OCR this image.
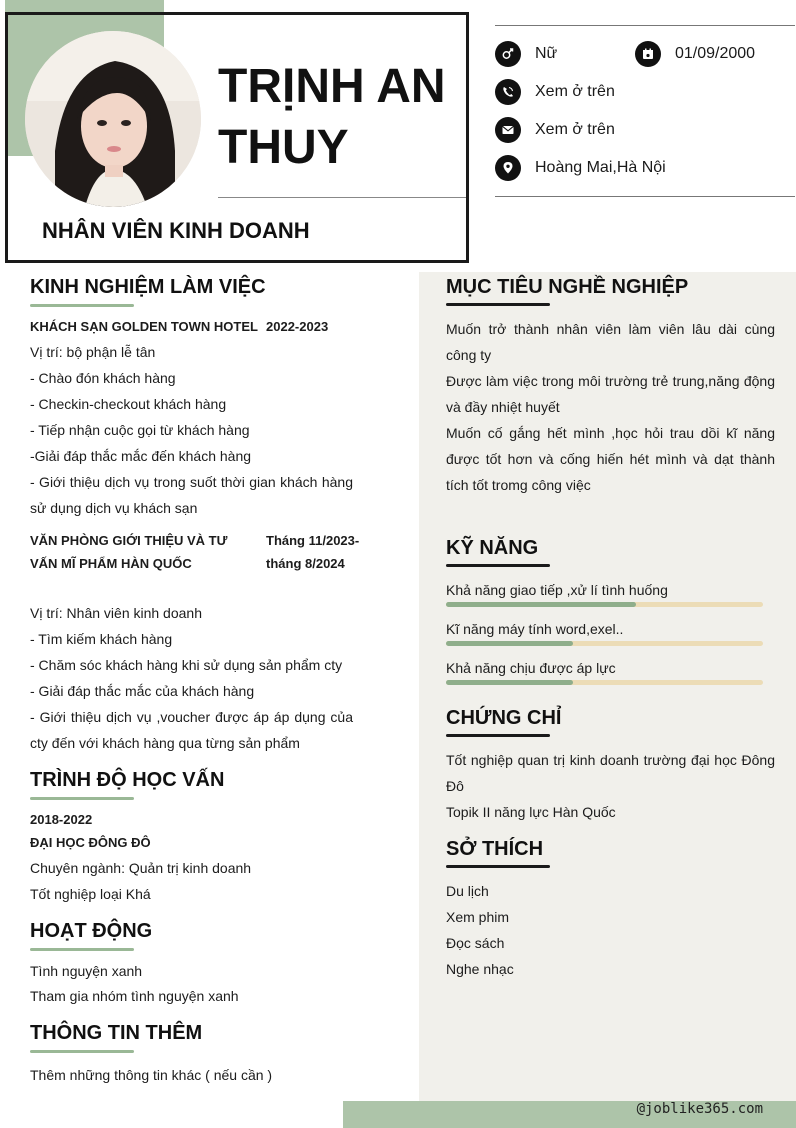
@joblike365.com
TRỊNH AN
THUY
NHÂN VIÊN KINH DOANH
Nữ	01/09/2000
Xem ở trên
Xem ở trên
Hoàng Mai,Hà Nội
KINH NGHIỆM LÀM VIỆC
KHÁCH SẠN GOLDEN TOWN HOTEL 2022-2023
Vị trí: bộ phận lễ tân
- Chào đón khách hàng
- Checkin-checkout khách hàng
- Tiếp nhận cuộc gọi từ khách hàng
-Giải đáp thắc mắc đến khách hàng
- Giới thiệu dịch vụ trong suốt thời gian khách hàng sử dụng dịch vụ khách sạn
VĂN PHÒNG GIỚI THIỆU VÀ TƯ VẤN MĨ PHẨM HÀN QUỐC
Tháng 11/2023- tháng 8/2024
Vị trí: Nhân viên kinh doanh
- Tìm kiếm khách hàng
- Chăm sóc khách hàng khi sử dụng sản phẩm cty
- Giải đáp thắc mắc của khách hàng
- Giới thiệu dịch vụ ,voucher được áp áp dụng của cty đến với khách hàng qua từng sản phẩm
TRÌNH ĐỘ HỌC VẤN
2018-2022
ĐẠI HỌC ĐÔNG ĐÔ
Chuyên ngành: Quản trị kinh doanh
Tốt nghiệp loại Khá
HOẠT ĐỘNG
Tình nguyện xanh
Tham gia nhóm tình nguyện xanh
THÔNG TIN THÊM
Thêm những thông tin khác ( nếu cần )
MỤC TIÊU NGHỀ NGHIỆP
Muốn trở thành nhân viên làm viên lâu dài cùng công ty
Được làm việc trong môi trường trẻ trung,năng động và đầy nhiệt huyết
Muốn cố gắng hết mình ,học hỏi trau dồi kĩ năng được tốt hơn và cống hiến hét mình và dạt thành tích tốt tromg công việc
KỸ NĂNG
Khả năng giao tiếp ,xử lí tình huống
Kĩ năng máy tính word,exel..
Khả năng chịu được áp lực
CHỨNG CHỈ
Tốt nghiệp quan trị kinh doanh trường đại học Đông Đô
Topik II năng lực Hàn Quốc
SỞ THÍCH
Du lịch
Xem phim
Đọc sách
Nghe nhạc
